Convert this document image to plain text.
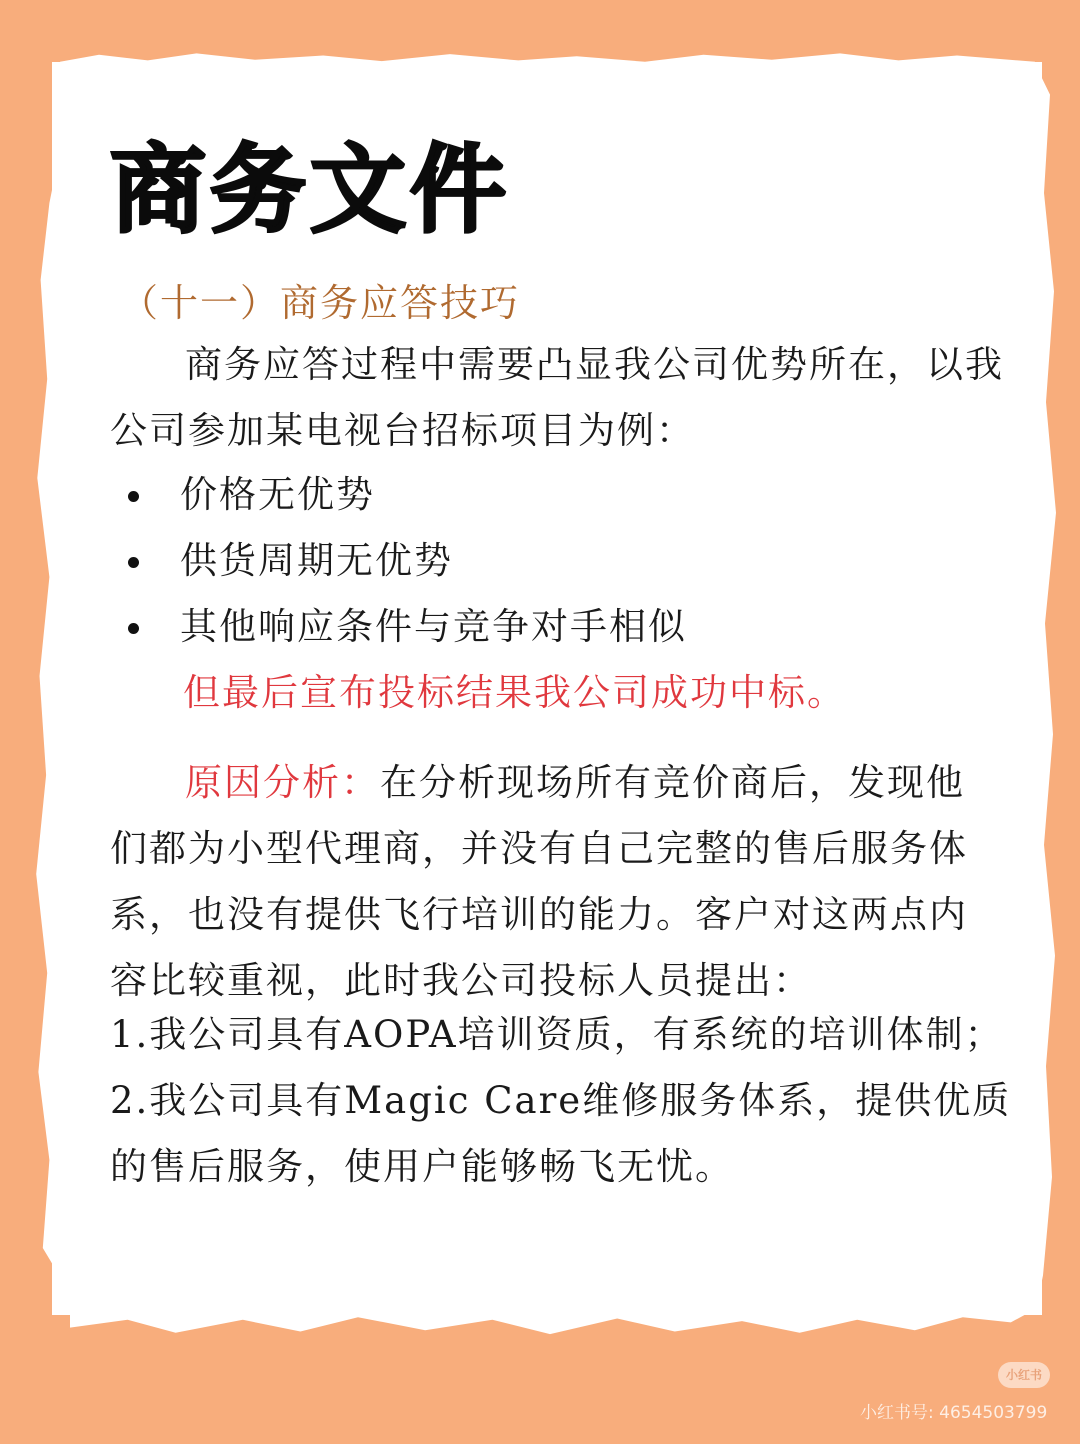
商务文件
（十一）商务应答技巧
商务应答过程中需要凸显我公司优势所在，以我公司参加某电视台招标项目为例：
价格无优势
供货周期无优势
其他响应条件与竞争对手相似
但最后宣布投标结果我公司成功中标。
原因分析：在分析现场所有竞价商后，发现他们都为小型代理商，并没有自己完整的售后服务体系，也没有提供飞行培训的能力。客户对这两点内容比较重视，此时我公司投标人员提出：
1.我公司具有AOPA培训资质，有系统的培训体制；
2.我公司具有Magic Care维修服务体系，提供优质的售后服务，使用户能够畅飞无忧。
小红书
小红书号: 4654503799
